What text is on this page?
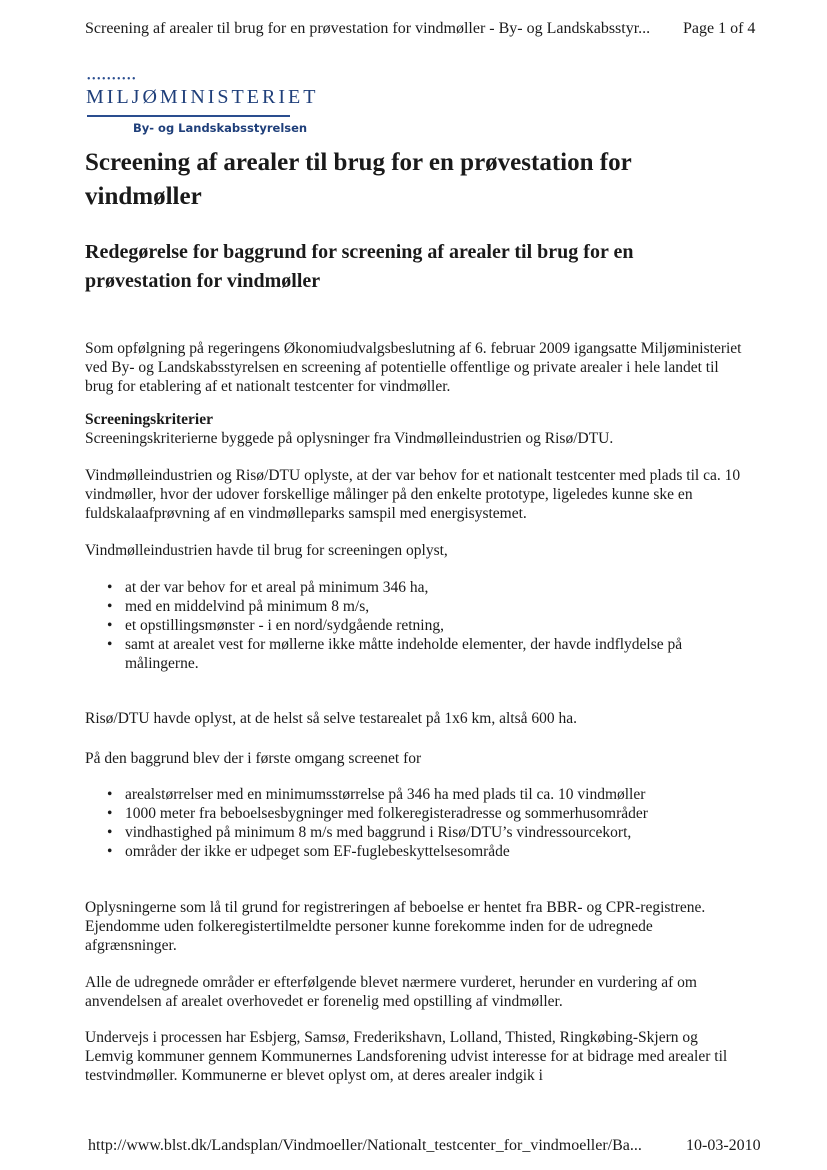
Screening af arealer til brug for en prøvestation for vindmøller - By- og Landskabsstyr... Page 1 of 4
••••••••••
MILJØMINISTERIET
By- og Landskabsstyrelsen
Screening af arealer til brug for en prøvestation for vindmøller
Redegørelse for baggrund for screening af arealer til brug for en prøvestation for vindmøller

Som opfølgning på regeringens Økonomiudvalgsbeslutning af 6. februar 2009 igangsatte Miljøministeriet ved By- og Landskabsstyrelsen en screening af potentielle offentlige og private arealer i hele landet til brug for etablering af et nationalt testcenter for vindmøller.

Screeningskriterier
Screeningskriterierne byggede på oplysninger fra Vindmølleindustrien og Risø/DTU.

Vindmølleindustrien og Risø/DTU oplyste, at der var behov for et nationalt testcenter med plads til ca. 10 vindmøller, hvor der udover forskellige målinger på den enkelte prototype, ligeledes kunne ske en fuldskalaafprøvning af en vindmølleparks samspil med energisystemet.

Vindmølleindustrien havde til brug for screeningen oplyst,

• at der var behov for et areal på minimum 346 ha,
• med en middelvind på minimum 8 m/s,
• et opstillingsmønster - i en nord/sydgående retning,
• samt at arealet vest for møllerne ikke måtte indeholde elementer, der havde indflydelse på målingerne.

Risø/DTU havde oplyst, at de helst så selve testarealet på 1x6 km, altså 600 ha.

På den baggrund blev der i første omgang screenet for

• arealstørrelser med en minimumsstørrelse på 346 ha med plads til ca. 10 vindmøller
• 1000 meter fra beboelsesbygninger med folkeregisteradresse og sommerhusområder
• vindhastighed på minimum 8 m/s med baggrund i Risø/DTU’s vindressourcekort,
• områder der ikke er udpeget som EF-fuglebeskyttelsesområde

Oplysningerne som lå til grund for registreringen af beboelse er hentet fra BBR- og CPR-registrene. Ejendomme uden folkeregistertilmeldte personer kunne forekomme inden for de udregnede afgrænsninger.

Alle de udregnede områder er efterfølgende blevet nærmere vurderet, herunder en vurdering af om anvendelsen af arealet overhovedet er forenelig med opstilling af vindmøller.

Undervejs i processen har Esbjerg, Samsø, Frederikshavn, Lolland, Thisted, Ringkøbing-Skjern og Lemvig kommuner gennem Kommunernes Landsforening udvist interesse for at bidrage med arealer til testvindmøller. Kommunerne er blevet oplyst om, at deres arealer indgik i

http://www.blst.dk/Landsplan/Vindmoeller/Nationalt_testcenter_for_vindmoeller/Ba...	10-03-2010
